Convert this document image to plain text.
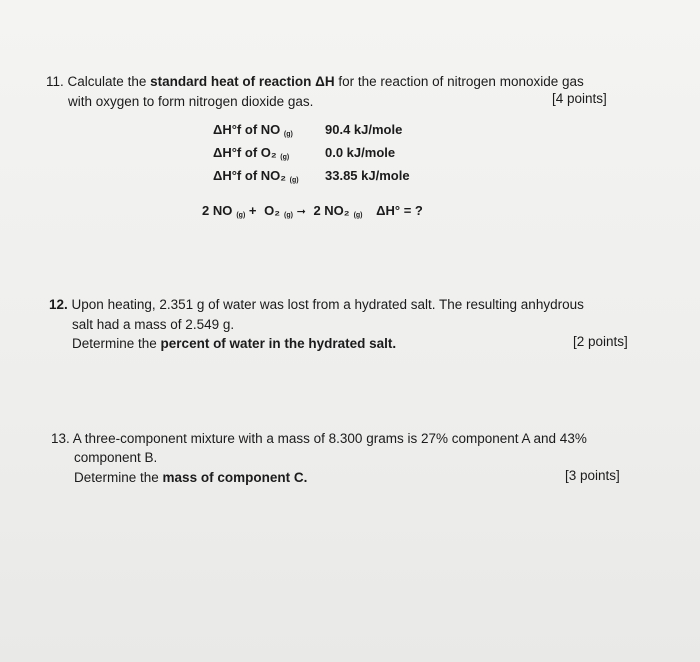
11. Calculate the standard heat of reaction ΔH for the reaction of nitrogen monoxide gas
with oxygen to form nitrogen dioxide gas.	[4 points]
ΔH°f of NO $_{(g)}$	90.4 kJ/mole
ΔH°f of O₂ $_{(g)}$	0.0 kJ/mole
ΔH°f of NO₂ $_{(g)}$	33.85 kJ/mole
2 NO $_{(g)}$ + O₂ $_{(g)}$ ➞ 2 NO₂ $_{(g)}$ ΔH° = ?
12. Upon heating, 2.351 g of water was lost from a hydrated salt. The resulting anhydrous
salt had a mass of 2.549 g.
Determine the percent of water in the hydrated salt.	[2 points]
13. A three-component mixture with a mass of 8.300 grams is 27% component A and 43%
component B.
Determine the mass of component C.	[3 points]
